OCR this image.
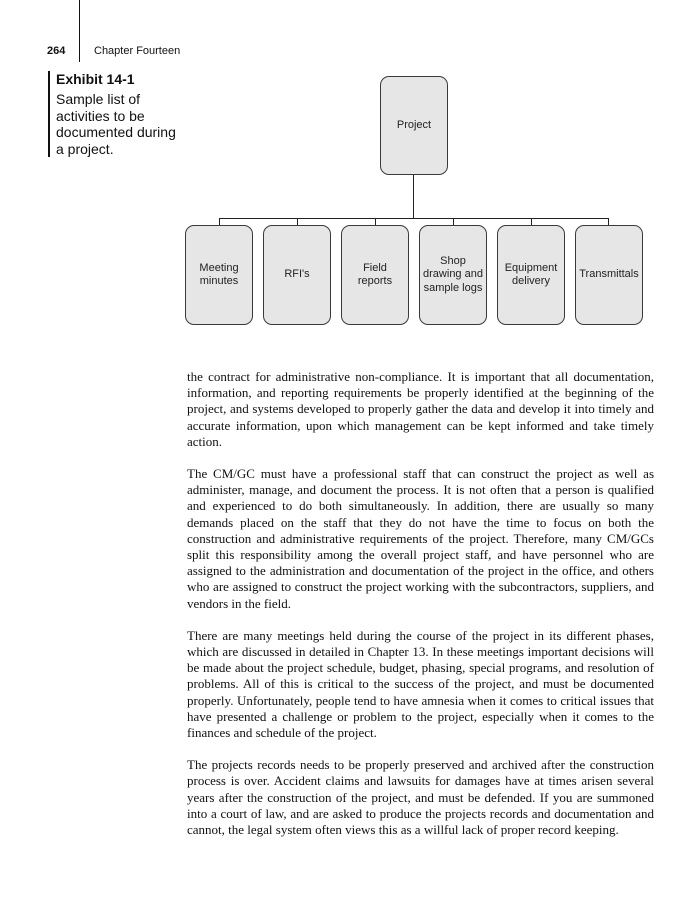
264	Chapter Fourteen
Exhibit 14-1
Sample list of activities to be documented during a project.
Project
Meeting minutes
RFI's
Field reports
Shop drawing and sample logs
Equipment delivery
Transmittals

the contract for administrative non-compliance. It is important that all documentation, information, and reporting requirements be properly identified at the beginning of the project, and systems developed to properly gather the data and develop it into timely and accurate information, upon which management can be kept informed and take timely action.

The CM/GC must have a professional staff that can construct the project as well as administer, manage, and document the process. It is not often that a person is qualified and experienced to do both simultaneously. In addition, there are usually so many demands placed on the staff that they do not have the time to focus on both the construction and administrative requirements of the project. Therefore, many CM/GCs split this responsibility among the overall project staff, and have personnel who are assigned to the administration and documentation of the project in the office, and others who are assigned to construct the project working with the subcontractors, suppliers, and vendors in the field.

There are many meetings held during the course of the project in its different phases, which are discussed in detailed in Chapter 13. In these meetings important decisions will be made about the project schedule, budget, phasing, special programs, and resolution of problems. All of this is critical to the success of the project, and must be documented properly. Unfortunately, people tend to have amnesia when it comes to critical issues that have presented a challenge or problem to the project, especially when it comes to the finances and schedule of the project.

The projects records needs to be properly preserved and archived after the construction process is over. Accident claims and lawsuits for damages have at times arisen several years after the construction of the project, and must be defended. If you are summoned into a court of law, and are asked to produce the projects records and documentation and cannot, the legal system often views this as a willful lack of proper record keeping.
